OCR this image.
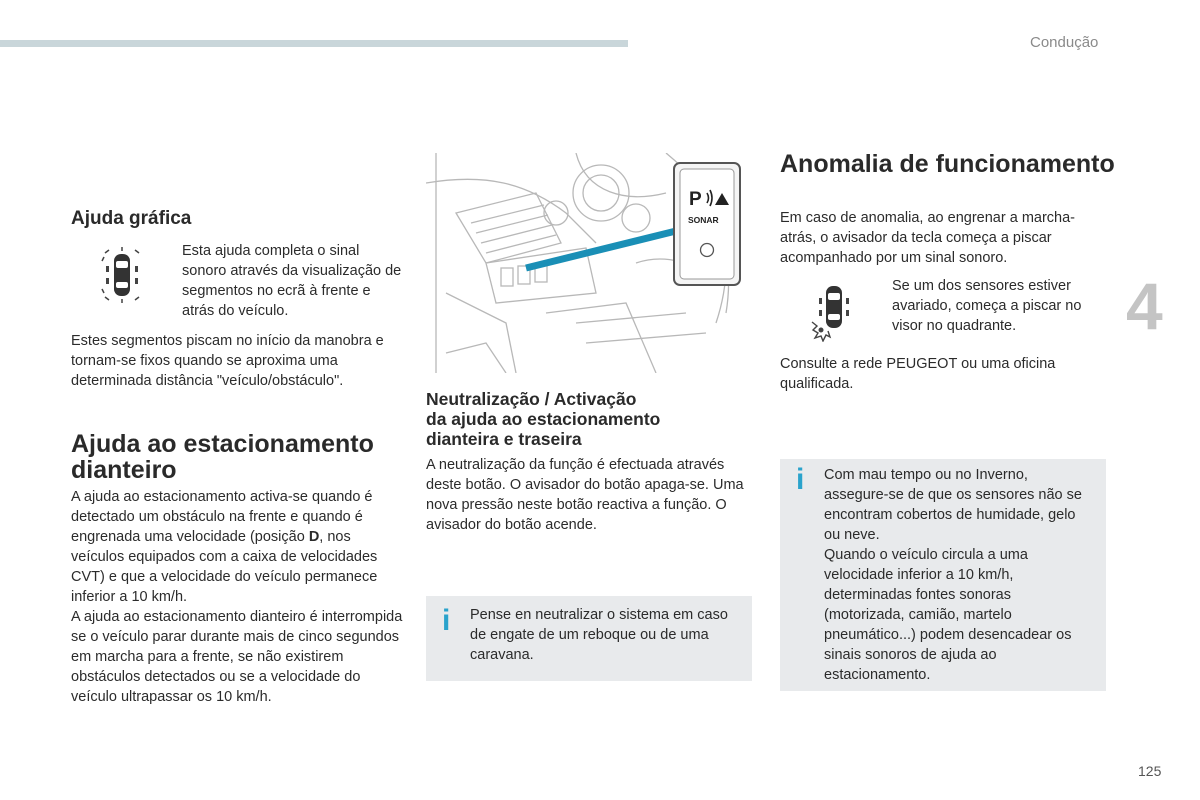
Condução
4
125
Ajuda gráfica
Esta ajuda completa o sinal sonoro através da visualização de segmentos no ecrã à frente e atrás do veículo.
Estes segmentos piscam no início da manobra e tornam-se fixos quando se aproxima uma determinada distância "veículo/obstáculo".
Ajuda ao estacionamento
dianteiro

A ajuda ao estacionamento activa-se quando é detectado um obstáculo na frente e quando é engrenada uma velocidade (posição D, nos veículos equipados com a caixa de velocidades CVT) e que a velocidade do veículo permanece inferior a 10 km/h.

A ajuda ao estacionamento dianteiro é interrompida se o veículo parar durante mais de cinco segundos em marcha para a frente, se não existirem obstáculos detectados ou se a velocidade do veículo ultrapassar os 10 km/h.

P
SONAR
Neutralização / Activação
da ajuda ao estacionamento
dianteira e traseira
A neutralização da função é efectuada através deste botão. O avisador do botão apaga-se. Uma nova pressão neste botão reactiva a função. O avisador do botão acende.
i Pense en neutralizar o sistema em caso de engate de um reboque ou de uma caravana.
Anomalia de funcionamento
Em caso de anomalia, ao engrenar a marcha-atrás, o avisador da tecla começa a piscar acompanhado por um sinal sonoro.
Se um dos sensores estiver avariado, começa a piscar no visor no quadrante.
Consulte a rede PEUGEOT ou uma oficina qualificada.
i Com mau tempo ou no Inverno, assegure-se de que os sensores não se encontram cobertos de humidade, gelo ou neve.

Quando o veículo circula a uma velocidade inferior a 10 km/h, determinadas fontes sonoras (motorizada, camião, martelo pneumático...) podem desencadear os sinais sonoros de ajuda ao estacionamento.
